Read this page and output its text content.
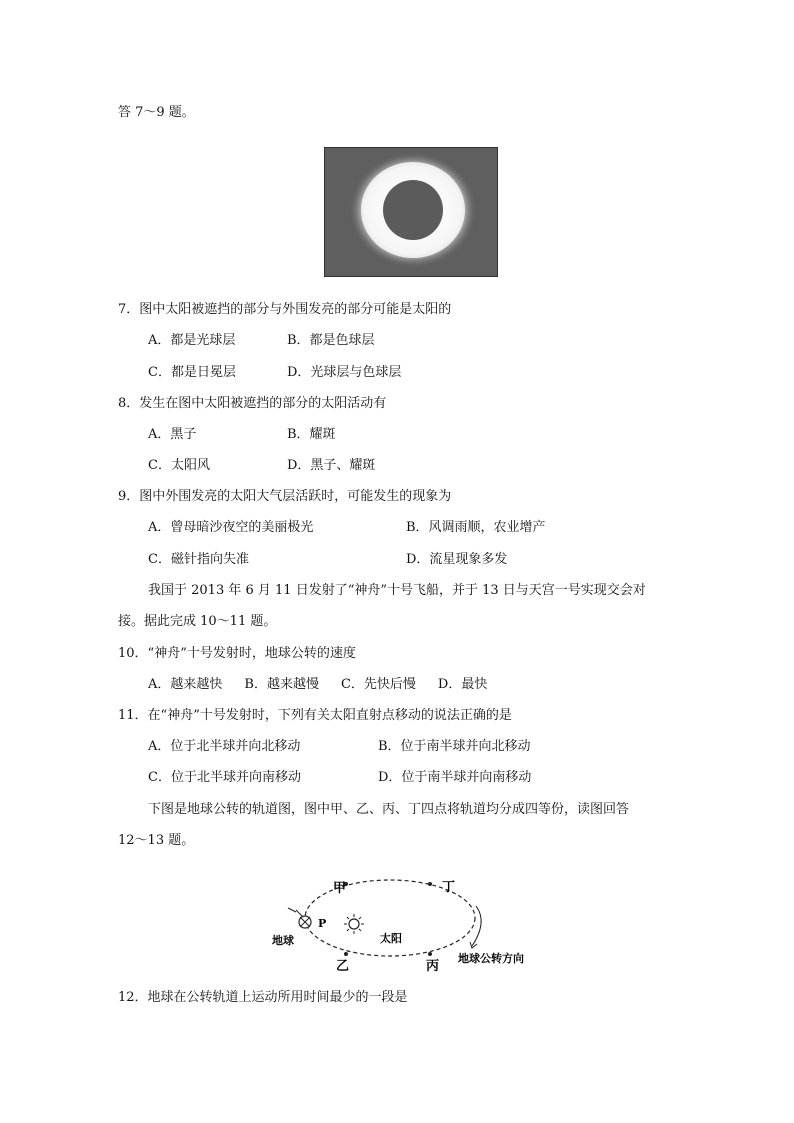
答 7～9 题。
7．图中太阳被遮挡的部分与外围发亮的部分可能是太阳的
A．都是光球层	B．都是色球层
C．都是日冕层	D．光球层与色球层
8．发生在图中太阳被遮挡的部分的太阳活动有
A．黑子	B．耀斑
C．太阳风	D．黑子、耀斑
9．图中外围发亮的太阳大气层活跃时，可能发生的现象为
A．曾母暗沙夜空的美丽极光	B．风调雨顺，农业增产
C．磁针指向失准	D．流星现象多发
我国于 2013 年 6 月 11 日发射了“神舟”十号飞船，并于 13 日与天宫一号实现交会对
接。据此完成 10～11 题。
10．“神舟”十号发射时，地球公转的速度
A．越来越快 B．越来越慢 C．先快后慢 D．最快
11．在“神舟”十号发射时，下列有关太阳直射点移动的说法正确的是
A．位于北半球并向北移动	B．位于南半球并向北移动
C．位于北半球并向南移动	D．位于南半球并向南移动
下图是地球公转的轨道图，图中甲、乙、丙、丁四点将轨道均分成四等份，读图回答
12～13 题。
甲	丁
乙	丙
P
地球	太阳
地球公转方向
12．地球在公转轨道上运动所用时间最少的一段是
